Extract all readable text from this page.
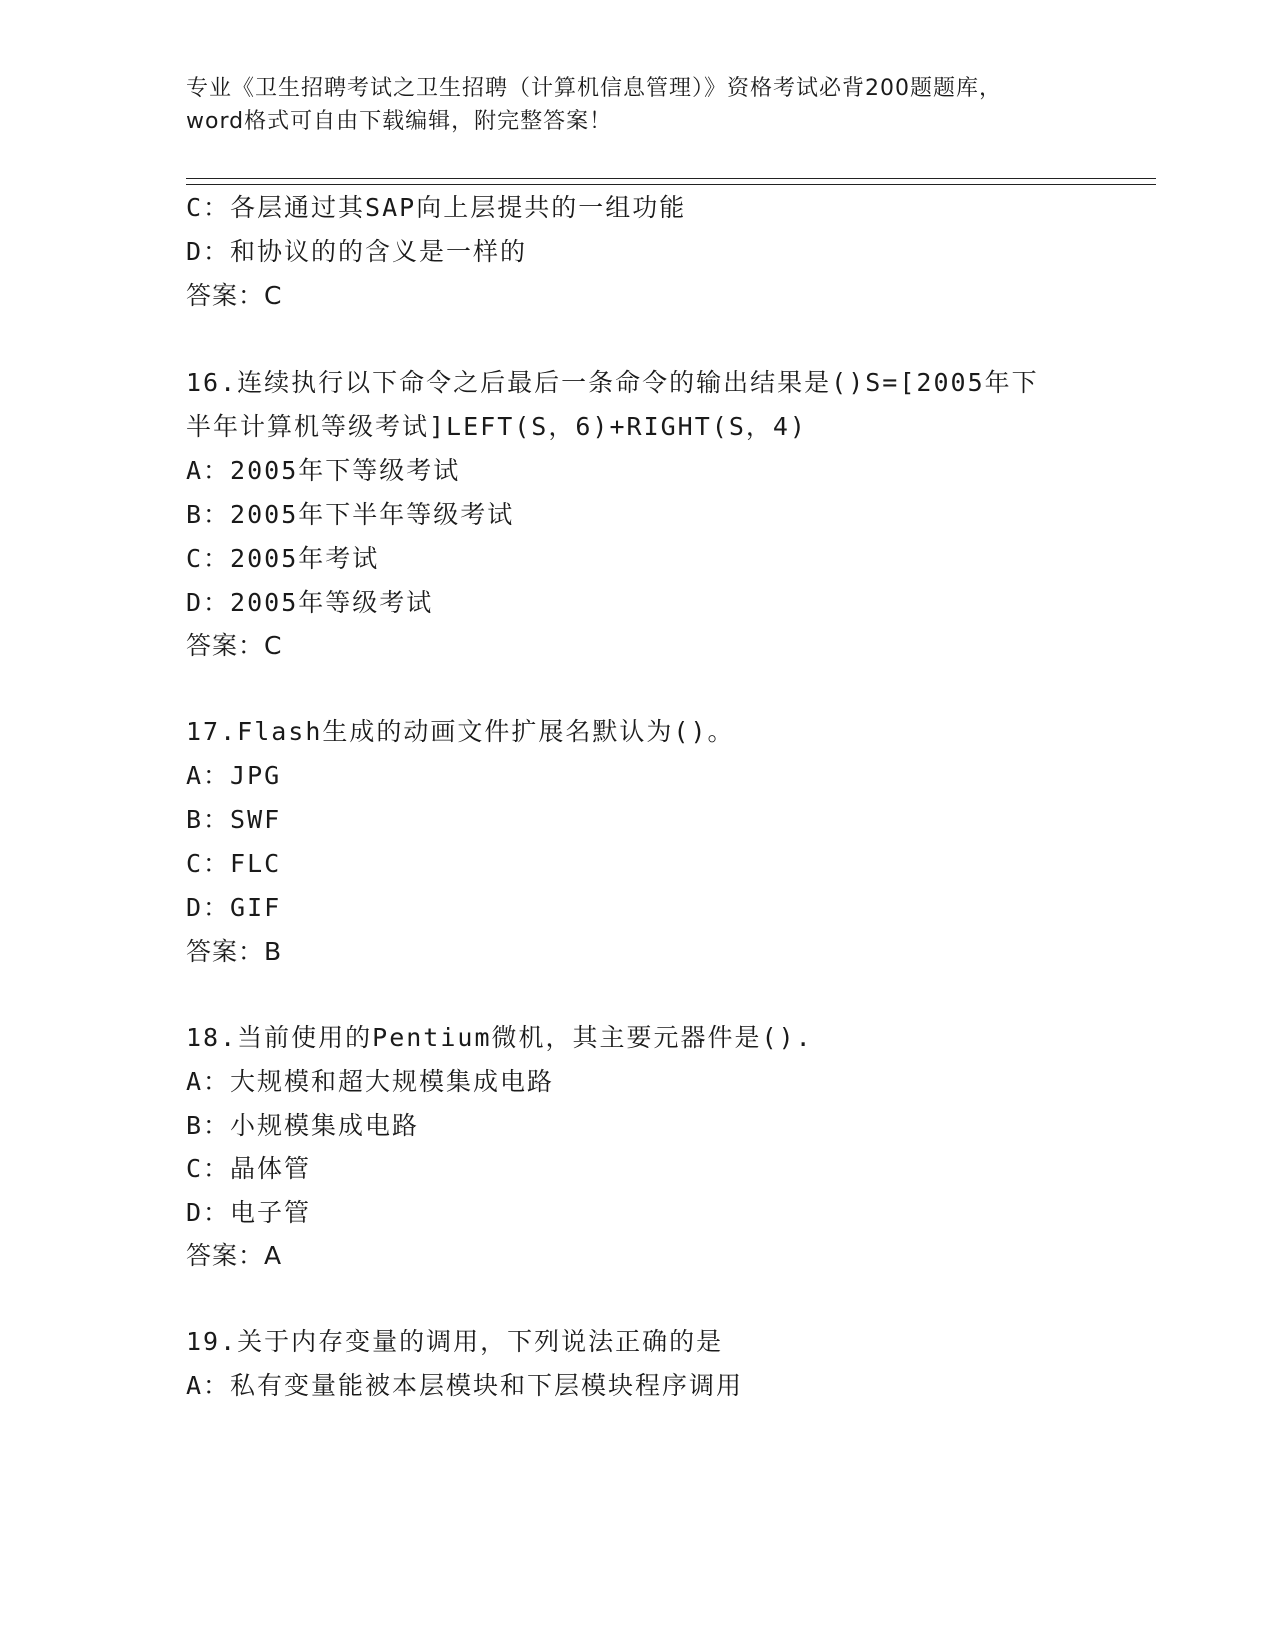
专业《卫生招聘考试之卫生招聘（计算机信息管理）》资格考试必背200题题库，
word格式可自由下载编辑，附完整答案！
C：各层通过其SAP向上层提共的一组功能
D：和协议的的含义是一样的
答案：C
16.连续执行以下命令之后最后一条命令的输出结果是()S=[2005年下
半年计算机等级考试]LEFT(S，6)+RIGHT(S，4)
A：2005年下等级考试
B：2005年下半年等级考试
C：2005年考试
D：2005年等级考试
答案：C
17.Flash生成的动画文件扩展名默认为()。
A：JPG
B：SWF
C：FLC
D：GIF
答案：B
18.当前使用的Pentium微机，其主要元器件是().
A：大规模和超大规模集成电路
B：小规模集成电路
C：晶体管
D：电子管
答案：A
19.关于内存变量的调用，下列说法正确的是
A：私有变量能被本层模块和下层模块程序调用
